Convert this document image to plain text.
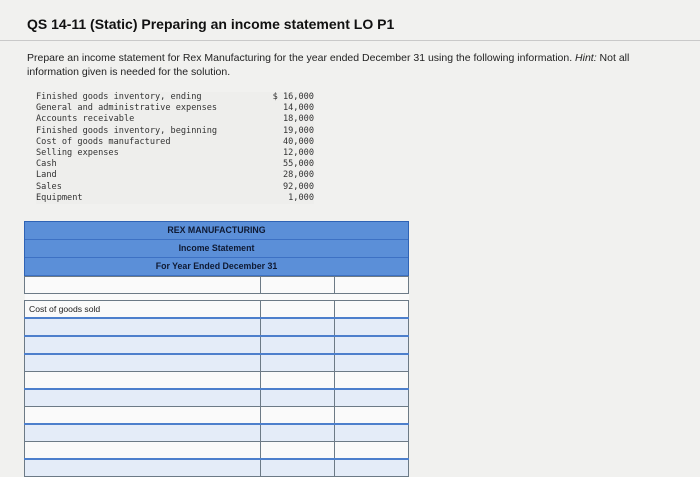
QS 14-11 (Static) Preparing an income statement LO P1
Prepare an income statement for Rex Manufacturing for the year ended December 31 using the following information. Hint: Not all
information given is needed for the solution.
Finished goods inventory, ending	$ 16,000
General and administrative expenses	14,000
Accounts receivable	18,000
Finished goods inventory, beginning	19,000
Cost of goods manufactured	40,000
Selling expenses	12,000
Cash	55,000
Land	28,000
Sales	92,000
Equipment	1,000
REX MANUFACTURING
Income Statement
For Year Ended December 31

Cost of goods sold		
